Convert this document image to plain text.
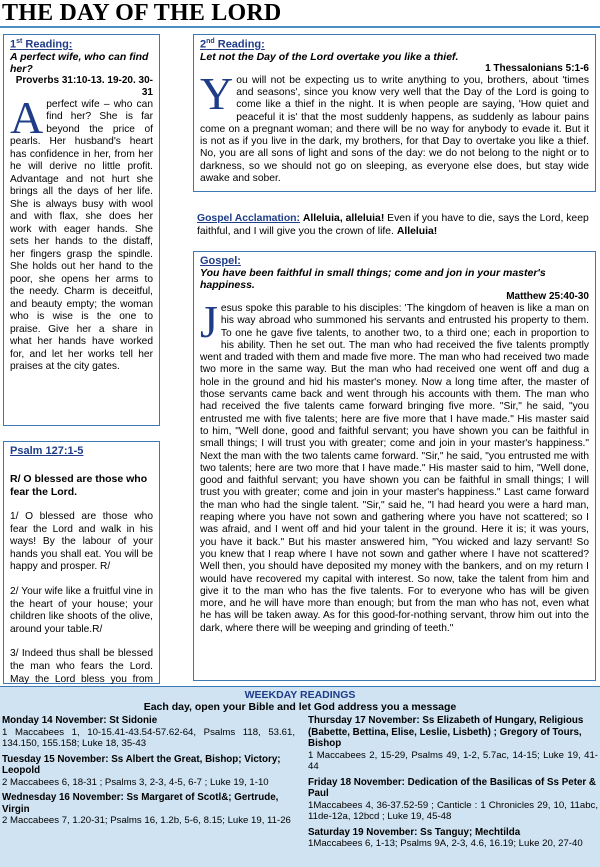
THE DAY OF THE LORD
1st Reading:
A perfect wife, who can find her?
Proverbs 31:10-13. 19-20. 30-31
Aperfect wife – who can find her? She is far beyond the price of pearls. Her husband's heart has confidence in her, from her he will derive no little profit. Advantage and not hurt she brings all the days of her life. She is always busy with wool and with flax, she does her work with eager hands. She sets her hands to the distaff, her fingers grasp the spindle. She holds out her hand to the poor, she opens her arms to the needy. Charm is deceitful, and beauty empty; the woman who is wise is the one to praise. Give her a share in what her hands have worked for, and let her works tell her praises at the city gates.
2nd Reading:
Let not the Day of the Lord overtake you like a thief.
1 Thessalonians 5:1-6
You will not be expecting us to write anything to you, brothers, about 'times and seasons', since you know very well that the Day of the Lord is going to come like a thief in the night. It is when people are saying, 'How quiet and peaceful it is' that the most suddenly happens, as suddenly as labour pains come on a pregnant woman; and there will be no way for anybody to evade it. But it is not as if you live in the dark, my brothers, for that Day to overtake you like a thief. No, you are all sons of light and sons of the day: we do not belong to the night or to darkness, so we should not go on sleeping, as everyone else does, but stay wide awake and sober.
Gospel Acclamation: Alleluia, alleluia! Even if you have to die, says the Lord, keep faithful, and I will give you the crown of life. Alleluia!
Gospel:
You have been faithful in small things; come and jon in your master's happiness.
Matthew 25:40-30
Jesus spoke this parable to his disciples: 'The kingdom of heaven is like a man on his way abroad who summoned his servants and entrusted his property to them. To one he gave five talents, to another two, to a third one; each in proportion to his ability. Then he set out. The man who had received the five talents promptly went and traded with them and made five more. The man who had received two made two more in the same way. But the man who had received one went off and dug a hole in the ground and hid his master's money. Now a long time after, the master of those servants came back and went through his accounts with them. The man who had received the five talents came forward bringing five more. "Sir," he said, "you entrusted me with five talents; here are five more that I have made." His master said to him, "Well done, good and faithful servant; you have shown you can be faithful in small things; I will trust you with greater; come and join in your master's happiness." Next the man with the two talents came forward. "Sir," he said, "you entrusted me with two talents; here are two more that I have made." His master said to him, "Well done, good and faithful servant; you have shown you can be faithful in small things; I will trust you with greater; come and join in your master's happiness." Last came forward the man who had the single talent. "Sir," said he, "I had heard you were a hard man, reaping where you have not sown and gathering where you have not scattered; so I was afraid, and I went off and hid your talent in the ground. Here it is; it was yours, you have it back." But his master answered him, "You wicked and lazy servant! So you knew that I reap where I have not sown and gather where I have not scattered? Well then, you should have deposited my money with the bankers, and on my return I would have recovered my capital with interest. So now, take the talent from him and give it to the man who has the five talents. For to everyone who has will be given more, and he will have more than enough; but from the man who has not, even what he has will be taken away. As for this good-for-nothing servant, throw him out into the dark, where there will be weeping and grinding of teeth."
Psalm 127:1-5
R/ O blessed are those who fear the Lord.
1/ O blessed are those who fear the Lord and walk in his ways! By the labour of your hands you shall eat. You will be happy and prosper. R/
2/ Your wife like a fruitful vine in the heart of your house; your children like shoots of the olive, around your table.R/
3/ Indeed thus shall be blessed the man who fears the Lord. May the Lord bless you from
WEEKDAY READINGS
Each day, open your Bible and let God address you a message
Monday 14 November: St Sidonie
1 Maccabees 1, 10-15.41-43.54-57.62-64, Psalms 118, 53.61, 134.150, 155.158; Luke 18, 35-43
Tuesday 15 November: Ss Albert the Great, Bishop; Victory; Leopold
2 Maccabees 6, 18-31 ; Psalms 3, 2-3, 4-5, 6-7 ; Luke 19, 1-10
Wednesday 16 November: Ss Margaret of Scotl&; Gertrude, Virgin
2 Maccabees 7, 1.20-31; Psalms 16, 1.2b, 5-6, 8.15; Luke 19, 11-26
Thursday 17 November: Ss Elizabeth of Hungary, Religious (Babette, Bettina, Elise, Leslie, Lisbeth) ; Gregory of Tours, Bishop
1 Maccabees 2, 15-29, Psalms 49, 1-2, 5.7ac, 14-15; Luke 19, 41-44
Friday 18 November: Dedication of the Basilicas of Ss Peter & Paul
1Maccabees 4, 36-37.52-59 ; Canticle : 1 Chronicles 29, 10, 11abc, 11de-12a, 12bcd ; Luke 19, 45-48
Saturday 19 November: Ss Tanguy; Mechtilda
1Maccabees 6, 1-13; Psalms 9A, 2-3, 4.6, 16.19; Luke 20, 27-40
